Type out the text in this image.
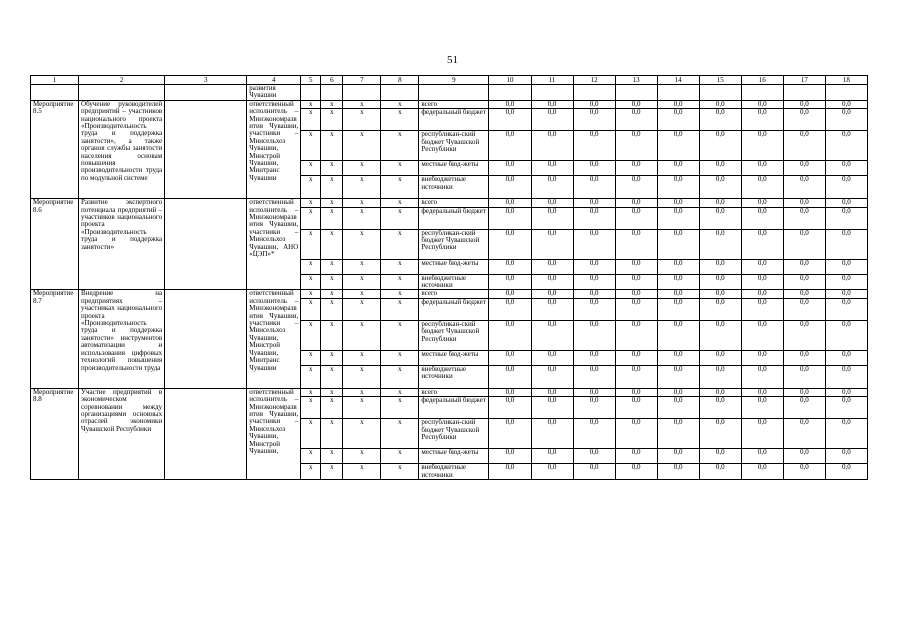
51
1	2	3	4	5	6	7	8	9	10	11	12	13	14	15	16	17	18
			развития Чувашии														
Мероприятие 8.5	Обучение руководителей предприятий – участников национального проекта «Производительность труда и поддержка занятости», а также органов службы занятости населения основам повышения производительности труда по модульной системе		ответственный исполнитель – Минэкономразвития Чувашии, участники – Минсельхоз Чувашии, Минстрой Чувашии, Минтранс Чувашии	x	x	x	x	всего	0,0	0,0	0,0	0,0	0,0	0,0	0,0	0,0	0,0
				x	x	x	x	федеральный бюджет	0,0	0,0	0,0	0,0	0,0	0,0	0,0	0,0	0,0
				x	x	x	x	республикан-ский бюджет Чувашской Республики	0,0	0,0	0,0	0,0	0,0	0,0	0,0	0,0	0,0
				x	x	x	x	местные бюд-жеты	0,0	0,0	0,0	0,0	0,0	0,0	0,0	0,0	0,0
				x	x	x	x	внебюджетные источники	0,0	0,0	0,0	0,0	0,0	0,0	0,0	0,0	0,0
Мероприятие 8.6	Развитие экспертного потенциала предприятий – участников национального проекта «Производительность труда и поддержка занятости»		ответственный исполнитель – Минэкономразвития Чувашии, участники – Минсельхоз Чувашии, АНО «ЦЭП»*	x	x	x	x	всего	0,0	0,0	0,0	0,0	0,0	0,0	0,0	0,0	0,0
				x	x	x	x	федеральный бюджет	0,0	0,0	0,0	0,0	0,0	0,0	0,0	0,0	0,0
				x	x	x	x	республикан-ский бюджет Чувашской Республики	0,0	0,0	0,0	0,0	0,0	0,0	0,0	0,0	0,0
				x	x	x	x	местные бюд-жеты	0,0	0,0	0,0	0,0	0,0	0,0	0,0	0,0	0,0
				x	x	x	x	внебюджетные источники	0,0	0,0	0,0	0,0	0,0	0,0	0,0	0,0	0,0
Мероприятие 8.7	Внедрение на предприятиях – участниках национального проекта «Производительность труда и поддержка занятости» инструментов автоматизации и использования цифровых технологий повышения производительности труда		ответственный исполнитель – Минэкономразвития Чувашии, участники – Минсельхоз Чувашии, Минстрой Чувашии, Минтранс Чувашии	x	x	x	x	всего	0,0	0,0	0,0	0,0	0,0	0,0	0,0	0,0	0,0
				x	x	x	x	федеральный бюджет	0,0	0,0	0,0	0,0	0,0	0,0	0,0	0,0	0,0
				x	x	x	x	республикан-ский бюджет Чувашской Республики	0,0	0,0	0,0	0,0	0,0	0,0	0,0	0,0	0,0
				x	x	x	x	местные бюд-жеты	0,0	0,0	0,0	0,0	0,0	0,0	0,0	0,0	0,0
				x	x	x	x	внебюджетные источники	0,0	0,0	0,0	0,0	0,0	0,0	0,0	0,0	0,0
Мероприятие 8.8	Участие предприятий в экономическом соревновании между организациями основных отраслей экономики Чувашской Республики		ответственный исполнитель – Минэкономразвития Чувашии, участники – Минсельхоз Чувашии, Минстрой Чувашии,	x	x	x	x	всего	0,0	0,0	0,0	0,0	0,0	0,0	0,0	0,0	0,0
				x	x	x	x	федеральный бюджет	0,0	0,0	0,0	0,0	0,0	0,0	0,0	0,0	0,0
				x	x	x	x	республикан-ский бюджет Чувашской Республики	0,0	0,0	0,0	0,0	0,0	0,0	0,0	0,0	0,0
				x	x	x	x	местные бюд-жеты	0,0	0,0	0,0	0,0	0,0	0,0	0,0	0,0	0,0
				x	x	x	x	внебюджетные источники	0,0	0,0	0,0	0,0	0,0	0,0	0,0	0,0	0,0
